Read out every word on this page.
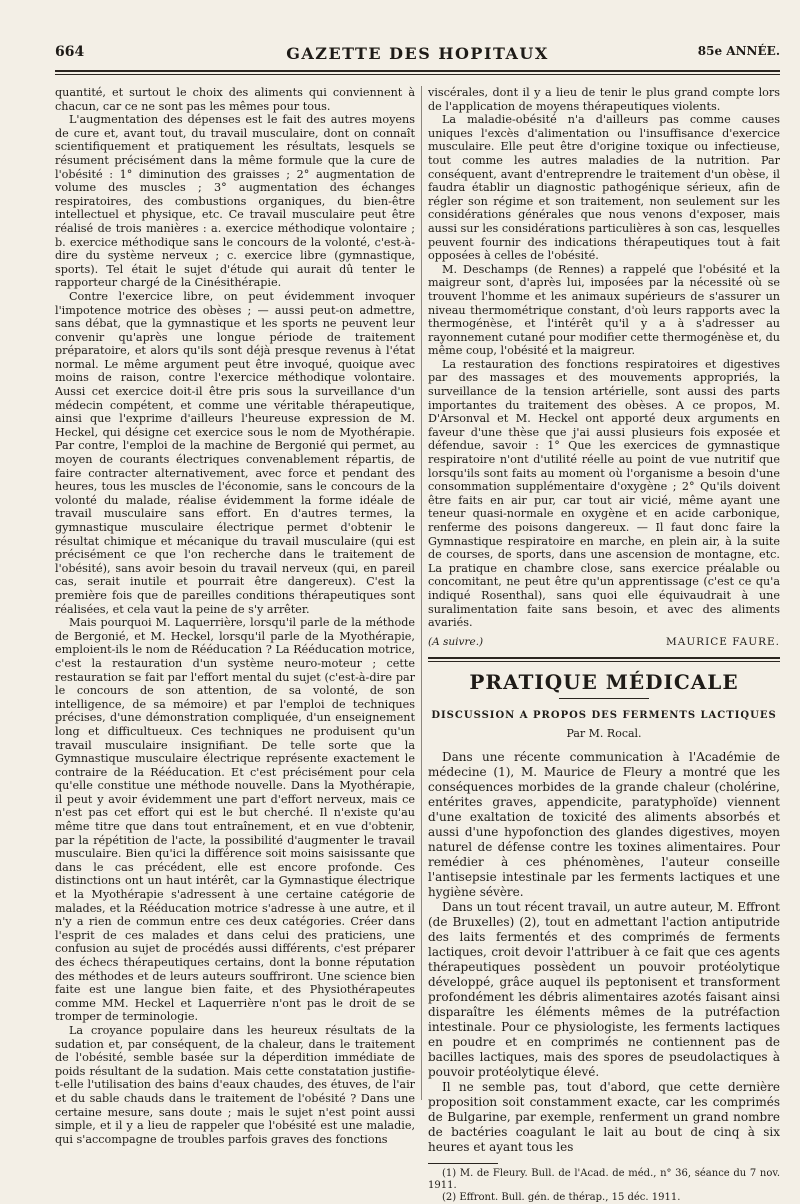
664	GAZETTE DES HOPITAUX	85e ANNÉE.

quantité, et surtout le choix des aliments qui conviennent à chacun, car ce ne sont pas les mêmes pour tous.

L'augmentation des dépenses est le fait des autres moyens de cure et, avant tout, du travail musculaire, dont on connaît scientifiquement et pratiquement les résultats, lesquels se résument précisément dans la même formule que la cure de l'obésité : 1° diminution des graisses ; 2° augmentation de volume des muscles ; 3° augmentation des échanges respiratoires, des combustions organiques, du bien-être intellectuel et physique, etc. Ce travail musculaire peut être réalisé de trois manières : a. exercice méthodique volontaire ; b. exercice méthodique sans le concours de la volonté, c'est-à-dire du système nerveux ; c. exercice libre (gymnastique, sports). Tel était le sujet d'étude qui aurait dû tenter le rapporteur chargé de la Cinésithérapie.

Contre l'exercice libre, on peut évidemment invoquer l'impotence motrice des obèses ; — aussi peut-on admettre, sans débat, que la gymnastique et les sports ne peuvent leur convenir qu'après une longue période de traitement préparatoire, et alors qu'ils sont déjà presque revenus à l'état normal. Le même argument peut être invoqué, quoique avec moins de raison, contre l'exercice méthodique volontaire. Aussi cet exercice doit-il être pris sous la surveillance d'un médecin compétent, et comme une véritable thérapeutique, ainsi que l'exprime d'ailleurs l'heureuse expression de M. Heckel, qui désigne cet exercice sous le nom de Myothérapie. Par contre, l'emploi de la machine de Bergonié qui permet, au moyen de courants électriques convenablement répartis, de faire contracter alternativement, avec force et pendant des heures, tous les muscles de l'économie, sans le concours de la volonté du malade, réalise évidemment la forme idéale de travail musculaire sans effort. En d'autres termes, la gymnastique musculaire électrique permet d'obtenir le résultat chimique et mécanique du travail musculaire (qui est précisément ce que l'on recherche dans le traitement de l'obésité), sans avoir besoin du travail nerveux (qui, en pareil cas, serait inutile et pourrait être dangereux). C'est la première fois que de pareilles conditions thérapeutiques sont réalisées, et cela vaut la peine de s'y arrêter.

Mais pourquoi M. Laquerrière, lorsqu'il parle de la méthode de Bergonié, et M. Heckel, lorsqu'il parle de la Myothérapie, emploient-ils le nom de Rééducation ? La Rééducation motrice, c'est la restauration d'un système neuro-moteur ; cette restauration se fait par l'effort mental du sujet (c'est-à-dire par le concours de son attention, de sa volonté, de son intelligence, de sa mémoire) et par l'emploi de techniques précises, d'une démonstration compliquée, d'un enseignement long et difficultueux. Ces techniques ne produisent qu'un travail musculaire insignifiant. De telle sorte que la Gymnastique musculaire électrique représente exactement le contraire de la Rééducation. Et c'est précisément pour cela qu'elle constitue une méthode nouvelle. Dans la Myothérapie, il peut y avoir évidemment une part d'effort nerveux, mais ce n'est pas cet effort qui est le but cherché. Il n'existe qu'au même titre que dans tout entraînement, et en vue d'obtenir, par la répétition de l'acte, la possibilité d'augmenter le travail musculaire. Bien qu'ici la différence soit moins saisissante que dans le cas précédent, elle est encore profonde. Ces distinctions ont un haut intérêt, car la Gymnastique électrique et la Myothérapie s'adressent à une certaine catégorie de malades, et la Rééducation motrice s'adresse à une autre, et il n'y a rien de commun entre ces deux catégories. Créer dans l'esprit de ces malades et dans celui des praticiens, une confusion au sujet de procédés aussi différents, c'est préparer des échecs thérapeutiques certains, dont la bonne réputation des méthodes et de leurs auteurs souffriront. Une science bien faite est une langue bien faite, et des Physiothérapeutes comme MM. Heckel et Laquerrière n'ont pas le droit de se tromper de terminologie.

La croyance populaire dans les heureux résultats de la sudation et, par conséquent, de la chaleur, dans le traitement de l'obésité, semble basée sur la déperdition immédiate de poids résultant de la sudation. Mais cette constatation justifie-t-elle l'utilisation des bains d'eaux chaudes, des étuves, de l'air et du sable chauds dans le traitement de l'obésité ? Dans une certaine mesure, sans doute ; mais le sujet n'est point aussi simple, et il y a lieu de rappeler que l'obésité est une maladie, qui s'accompagne de troubles parfois graves des fonctions

viscérales, dont il y a lieu de tenir le plus grand compte lors de l'application de moyens thérapeutiques violents.

La maladie-obésité n'a d'ailleurs pas comme causes uniques l'excès d'alimentation ou l'insuffisance d'exercice musculaire. Elle peut être d'origine toxique ou infectieuse, tout comme les autres maladies de la nutrition. Par conséquent, avant d'entreprendre le traitement d'un obèse, il faudra établir un diagnostic pathogénique sérieux, afin de régler son régime et son traitement, non seulement sur les considérations générales que nous venons d'exposer, mais aussi sur les considérations particulières à son cas, lesquelles peuvent fournir des indications thérapeutiques tout à fait opposées à celles de l'obésité.

M. Deschamps (de Rennes) a rappelé que l'obésité et la maigreur sont, d'après lui, imposées par la nécessité où se trouvent l'homme et les animaux supérieurs de s'assurer un niveau thermométrique constant, d'où leurs rapports avec la thermogénèse, et l'intérêt qu'il y a à s'adresser au rayonnement cutané pour modifier cette thermogénèse et, du même coup, l'obésité et la maigreur.

La restauration des fonctions respiratoires et digestives par des massages et des mouvements appropriés, la surveillance de la tension artérielle, sont aussi des parts importantes du traitement des obèses. A ce propos, M. D'Arsonval et M. Heckel ont apporté deux arguments en faveur d'une thèse que j'ai aussi plusieurs fois exposée et défendue, savoir : 1° Que les exercices de gymnastique respiratoire n'ont d'utilité réelle au point de vue nutritif que lorsqu'ils sont faits au moment où l'organisme a besoin d'une consommation supplémentaire d'oxygène ; 2° Qu'ils doivent être faits en air pur, car tout air vicié, même ayant une teneur quasi-normale en oxygène et en acide carbonique, renferme des poisons dangereux. — Il faut donc faire la Gymnastique respiratoire en marche, en plein air, à la suite de courses, de sports, dans une ascension de montagne, etc. La pratique en chambre close, sans exercice préalable ou concomitant, ne peut être qu'un apprentissage (c'est ce qu'a indiqué Rosenthal), sans quoi elle équivaudrait à une suralimentation faite sans besoin, et avec des aliments avariés.

(A suivre.)	MAURICE FAURE.
PRATIQUE MÉDICALE
DISCUSSION A PROPOS DES FERMENTS LACTIQUES
Par M. Rocal.

Dans une récente communication à l'Académie de médecine (1), M. Maurice de Fleury a montré que les conséquences morbides de la grande chaleur (cholérine, entérites graves, appendicite, paratyphoïde) viennent d'une exaltation de toxicité des aliments absorbés et aussi d'une hypofonction des glandes digestives, moyen naturel de défense contre les toxines alimentaires. Pour remédier à ces phénomènes, l'auteur conseille l'antisepsie intestinale par les ferments lactiques et une hygiène sévère.

Dans un tout récent travail, un autre auteur, M. Effront (de Bruxelles) (2), tout en admettant l'action antiputride des laits fermentés et des comprimés de ferments lactiques, croit devoir l'attribuer à ce fait que ces agents thérapeutiques possèdent un pouvoir protéolytique développé, grâce auquel ils peptonisent et transforment profondément les débris alimentaires azotés faisant ainsi disparaître les éléments mêmes de la putréfaction intestinale. Pour ce physiologiste, les ferments lactiques en poudre et en comprimés ne contiennent pas de bacilles lactiques, mais des spores de pseudolactiques à pouvoir protéolytique élevé.

Il ne semble pas, tout d'abord, que cette dernière proposition soit constamment exacte, car les comprimés de Bulgarine, par exemple, renferment un grand nombre de bactéries coagulant le lait au bout de cinq à six heures et ayant tous les

(1) M. de Fleury. Bull. de l'Acad. de méd., n° 36, séance du 7 nov. 1911.

(2) Effront. Bull. gén. de thérap., 15 déc. 1911.
